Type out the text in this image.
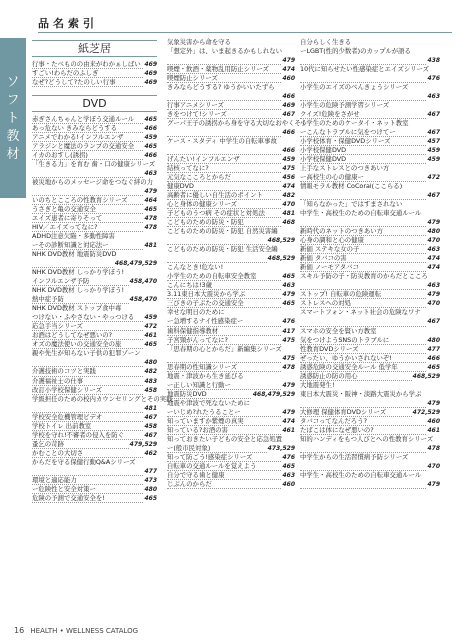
品名索引
ソフト教材
紙芝居
行事・たべものの由来がわかぁしばい 469
すごい!わらだのふしぎ	469
なぜ?どうして?たのしい行事	469
DVD
赤ぎさんちゃんと学ぼう交通ルール 465
あっ危ない きみならどうする	466
アニメでわかる!インフルエンザ	459
アラジンと魔法のランプの交通安全 465
イカのおすし(誘拐)	466
「生きる力」を育む 歯・口の健康シリーズ
463
被災地からのメッセージ命をつなぐ絆の力
479
いのちとこころの性教育シリーズ	464
うさぎと亀の交通安全	465
エイズ患者に寄りそって	478
HIV／エイズってなに?	478
ADHD注意欠陥・多動性障害
ーその診断知識と対応法ー	481
NHK DVD教材 地震防災DVD
468,479,529
NHK DVD教材 しっかり学ぼう!
インフルエンザ予防	458,470
NHK DVD教材 しっかり学ぼう!
熱中症予防	458,470
NHK DVD教材 ストップ食中毒
つけない・ふやさない・やっつける 459
応急手当シリーズ	472
お酒はどうしてなぜ悪いの?	461
オズの魔法使いの交通安全の旅	465
親や先生が知らない子供の犯罪ゾーン
480
介護技術のコツと実践	482
介護福祉士の仕事	483
改訂小学校保健シリーズ	458
学級担任のための校内カウンセリングとその実践
481
学校安全危機管理ビデオ	467
学校トイレ 出前教室	458
学校を守れ!不審者の侵入を防ぐ	467
蚤乞の苛跡	479,529
かむことの大切さ	462
からだを守る保健行動Q&Aシリーズ
477
環境と適応能力	473
ー危険性と安全対策ー	480
危険の予測で交通安全を!	465
気象災害から命を守る
「想定外」は、いま起きるかもしれない
479
喫煙・飲酒・薬物乱用防止シリーズ 474
喫煙防止シリーズ	460
きみならどうする? ゆうかいいたずら
466
行事アニメシリーズ	469
きをつけて!シリーズ	467
グーパ王子の誘拐から身を守る大切なおやくそく
466
ケース・スタディ 中学生の自転車事故
466
げんたい!インフルエンザ	459
結核ってなに?	475
元気なこころとからだ	456
健康DVD	474
高齢者に優しい自生活のポイント	482
心と身体の健康シリーズ	470
子どものうつ病 その症状と対処法	481
こどものための防災・防犯	468
こどものための防災・防犯 自然災害編
468,529
こどものための防災・防犯 生活安全編
468,529
こんなとき!危ない!
小学生のための自転車安全教室	465
こんにちは!3歳	463
3.11東日本大震災から学ぶ	479
三びきの子ぶたの交通安全	465
幸せな明日のために
ー急増するナイ性感染症ー	476
歯科保健指導教材	417
子宮頸がんってなに?	475
「思春期の心とからだ」新編集シリーズ
475
思春期の性知識シリーズ	478
地震・津波から生き延びる
ー正しい知識と行動ー	479
地震防災DVD	468,479,529
地震や津波で死なないために
ーいじめ?れたうることー	479
知っていますか紫煙の真実	474
知っている?お酒の害	461
知っておきたい子どもの安全と応急処置
ー(般市民対象)	473,529
知って防ごう!感染症シリーズ	476
自転車の交通ルールを覚えよう	465
自分で守る歯と健康	463
じぶんのからだ	460
自分らしく生きる
ーLGBT(性的少数者)のカップルが語る
438
10代に知らせたい性感染症とエイズシリーズ
476
小学生のエイズのべんきょうシリーズ
463
小学生の危険予測学習シリーズ
クイズ!危険をさがせ	467
小学生のためのケータイ・ネット教室
ーこんなトラブルに気をつけてー	467
小学校体育・保健DVDシリーズ	457
小学校保健DVD	459
小学校保健DVD	459
上手なストレスとのつきあい方
ー高校生の心の健康ー	472
情報モラル教材 CoCoral(ここらる)
467
「知らなかった」ではすまされない
中学生・高校生のための自転車交通ルール
479
新時代のネットのつきあい方	480
心身の調和と心の健康	470
新価 ステキな女の子	463
新価 タバコの害	474
新価 ノーモアタバコ	474
スキル予防の子・防災教育のからだとこころ
463
ストップ! 自転車の危険運転	479
ストレスへの対処	470
スマートフォン・ネット社会の危険なワナ
467
スマホの安全を賢い方教室
気をつけようSNSのトラブルに	480
性教育DVDシリーズ	477
ぜったい、ゆうかいされないぞ!	466
誘惑危険の交通安全ルール 低学年	465
誘惑防止の防の用心	468,529
大地震発生!
東日本大震災・阪神・淡路大震災から学ぶ
479
大修理 保健体育DVDシリーズ	472,529
タバコってなんだろう?	460
たばこは体になぜ悪いの?	461
知的ハンディをもつ人びとへの性教育シリーズ
478
中学生からの生活習慣病予防シリーズ
470
中学生・高校生のための自転車交通ルール
479
16 HEALTH • WELLNESS CATALOG
